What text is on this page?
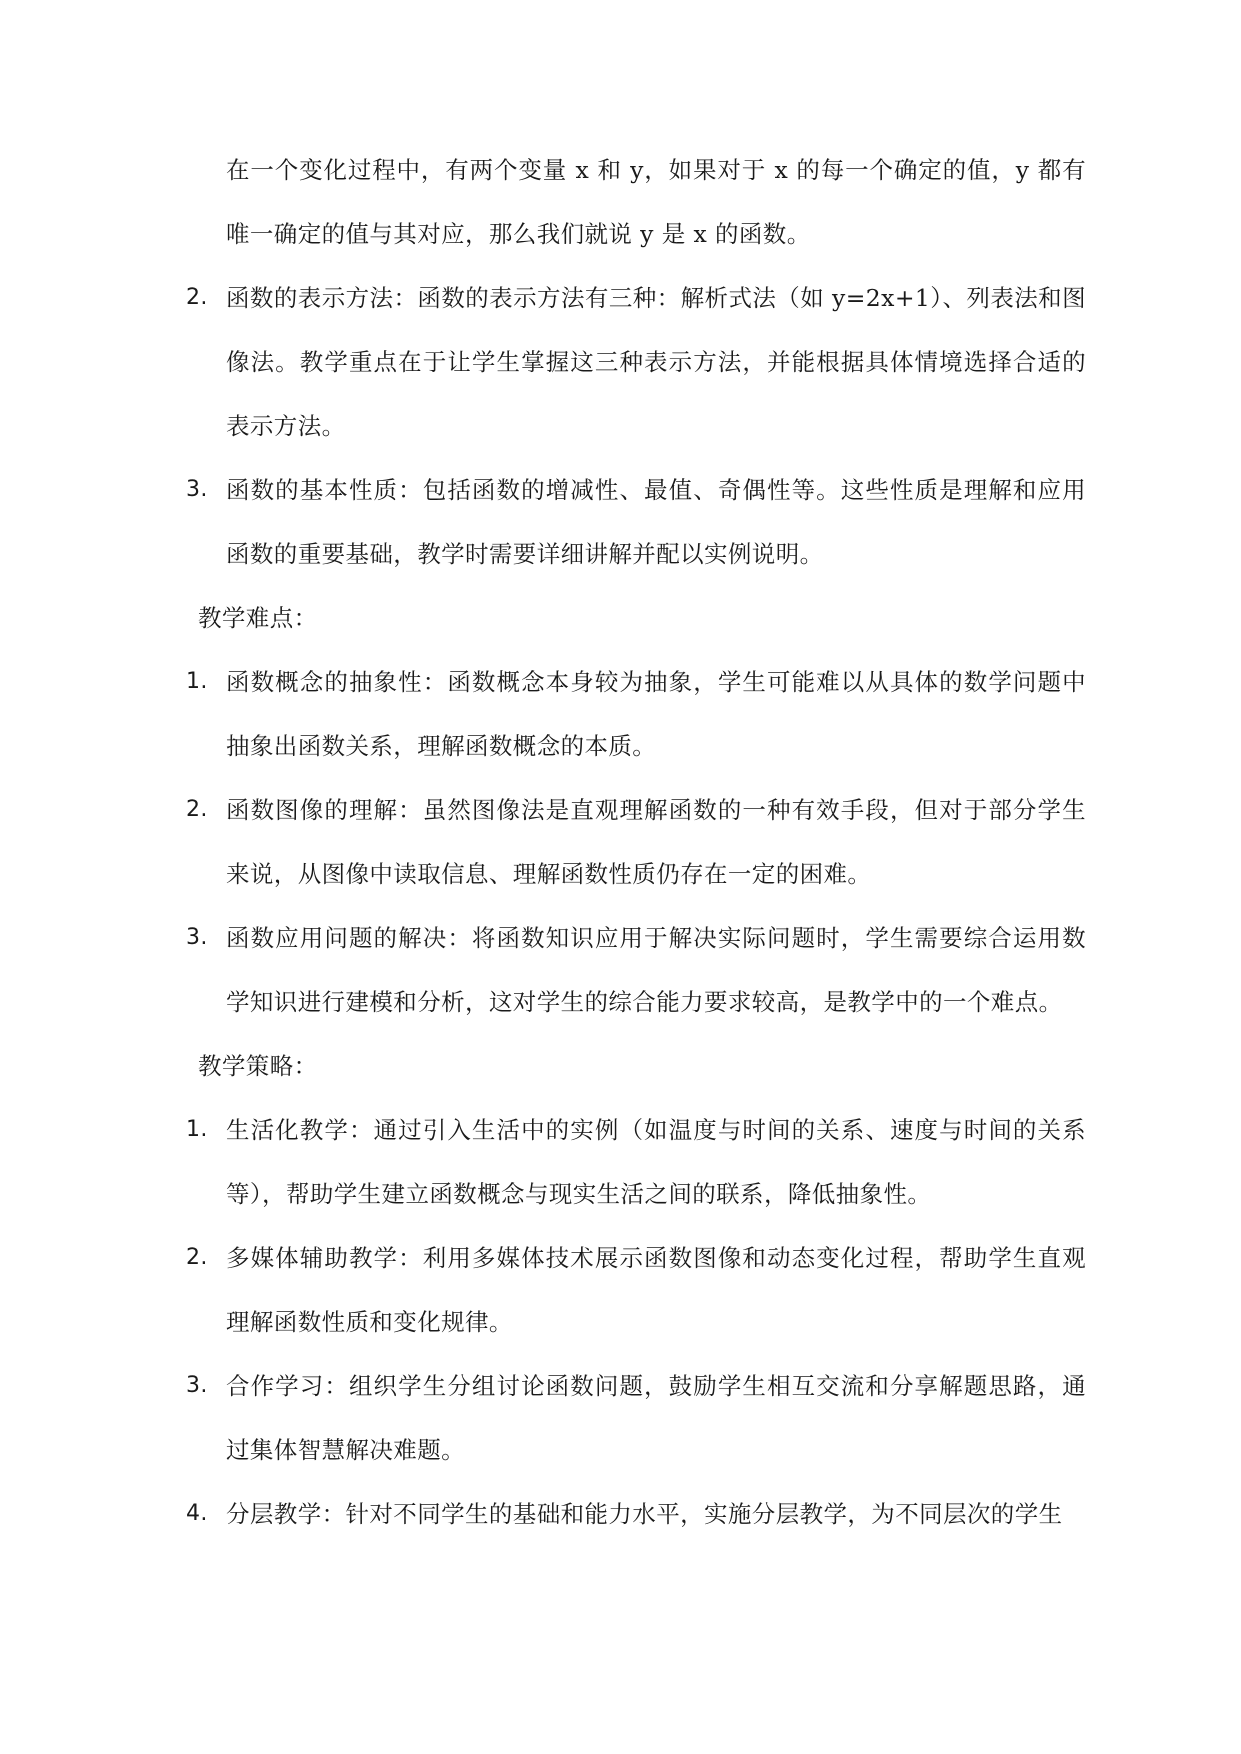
在一个变化过程中，有两个变量 x 和 y，如果对于 x 的每一个确定的值，y 都有唯一确定的值与其对应，那么我们就说 y 是 x 的函数。
2. 函数的表示方法：函数的表示方法有三种：解析式法（如 y=2x+1）、列表法和图像法。教学重点在于让学生掌握这三种表示方法，并能根据具体情境选择合适的表示方法。
3. 函数的基本性质：包括函数的增减性、最值、奇偶性等。这些性质是理解和应用函数的重要基础，教学时需要详细讲解并配以实例说明。
教学难点：
1. 函数概念的抽象性：函数概念本身较为抽象，学生可能难以从具体的数学问题中抽象出函数关系，理解函数概念的本质。
2. 函数图像的理解：虽然图像法是直观理解函数的一种有效手段，但对于部分学生来说，从图像中读取信息、理解函数性质仍存在一定的困难。
3. 函数应用问题的解决：将函数知识应用于解决实际问题时，学生需要综合运用数学知识进行建模和分析，这对学生的综合能力要求较高，是教学中的一个难点。
教学策略：
1. 生活化教学：通过引入生活中的实例（如温度与时间的关系、速度与时间的关系等），帮助学生建立函数概念与现实生活之间的联系，降低抽象性。
2. 多媒体辅助教学：利用多媒体技术展示函数图像和动态变化过程，帮助学生直观理解函数性质和变化规律。
3. 合作学习：组织学生分组讨论函数问题，鼓励学生相互交流和分享解题思路，通过集体智慧解决难题。
4. 分层教学：针对不同学生的基础和能力水平，实施分层教学，为不同层次的学生
